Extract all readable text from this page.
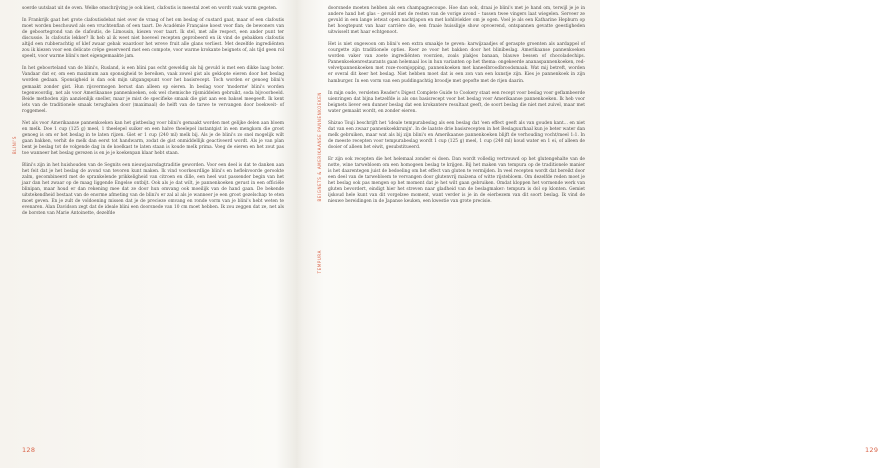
soerde uutslaat uit de oven. Welke omschrijving je ook kiest, clafoutis is meestal zoet en wordt vaak warm gegeten.

In Frankrijk gaat het grote clafoutisdebat niet over de vraag of het om beslag of custard gaat, maar of een clafoutis moet worden beschouwd als een vruchtenflan of een taart. De Académie Française koest voor flan; de bewoners van de geboortegrond van de clafoutis, de Limousin, kiezen voor taart. Ik stel, met alle respect, een ander punt ter discussie. Is clafoutis lekker? Ik heb al ik weet niet hoeveel recepten geprobeerd en ik vind de gebakken clafoutis altijd een rubberachtig of klef zwaar gebak waardoor het wreve fruit alle glans verliest. Met dezelfde ingrediënten zou ik kiezen voor een delicate crêpe geserveerd met een compote, voor warme krokante beignets of, als tijd geen rol speelt, voor warme blini's met eigengemaakte jam.

In het geboorteland van de blini's, Rusland, is een blini pas echt geweldig als hij gevuld is met een dikke laag boter. Vandaar dat er, om een maximum aan sponsigheid te bereiken, vaak zowel gist als geklopte eieren door het beslag worden gedaan. Sponsigheid is dan ook mijn uitgangspunt voor het basisrecept. Toch worden er genoeg blini's gemaakt zonder gist. Hun rijsvermogen berust dan alleen op eieren. In beslag voor 'moderne' blini's worden tegenwoordig, net als voor Amerikaanse pannenkoeken, ook wel chemische rijsmiddelen gebruikt, soda bijvoorbeeld. Beide methoden zijn aanzienlijk sneller, maar je mist de specifieke smaak die gist aan een baksel meegeeft. Ik kent iets van de traditionele smaak terughalen door (maximaal) de helft van de tarwe te vervangen door boekweit- of roggemeel.

Net als voor Amerikaanse pannenkoeken kan het gistbeslag voor blini's gemaakt worden met gelijke delen aan bloem en melk. Doe 1 cup (125 g) meel, 1 theelepel suiker en een halve theelepel instantgist in een mengkom die groot genoeg is om er het beslag in te laten rijzen. Giet er 1 cup (240 ml) melk bij. Als je de blini's zo snel mogelijk wilt gaan bakken, verhit de melk dan eerst tot handwarm, zodat de gist onmiddellijk geactiveerd wordt. Als je van plan bent je beslag tot de volgende dag in de koelkast te laten staan is koude melk prima. Voeg de eieren en het zout pas toe wanneer het beslag gerezen is en je je koekenpan klaar hebt staan.

Blini's zijn in het huishouden van de Segnits een nieuwjaarsdagtraditie geworden. Voor een deel is dat te danken aan het feit dat je het beslag de avond van tevoren kunt maken. Ik vind voorkeurdlige blini's en heflekvoorde gerookte zalm, gecombineerd met de sprankelende prikkeligheid van citroen en dille, een heel wat passender begin van het jaar dan het zwaar op de maag liggende Engelse ontbijt. Ook als je dat wilt, je pannenkoeken gerust in een officiële blinipan, maar houd er dan rekening mee dat ze door hun omvang ook moeilijk van de hand gaan. De bekende uitstekendheid bestaat van de enorme afmeting van de blini's er zal al als je wanneer je een groot gezelschap te eten moet geven. En je zult de voldoening missen dat je de precieze omvang en ronde vorm van je blini's hebt weten te evenaren. Alan Davidson zegt dat de ideale blini een doorsnede van 10 cm moet hebben. Ik zou zeggen dat ze, net als de borsten van Marie Antoinette, dezelfde

BLINI'S
128

doorsnede moeten hebben als een champagnecoupe. Hoe dan ook, draai je blini's met je hand om, terwijl je je in andere hand het glas – gevuld met de resten van de vorige avond – tussen twee vingers laat wiegelen. Serveer ze gevuld in een lange ietwat open nachtjapon en met kohlivieklev om je ogen. Voel je als een Katharine Hepburn op het hoogtepunt van haar carrière die, een fraaie huisslipje show opvoerend, ontspannen gevatte geestigheden uitwisselt met haar echtgenoot.

Het is niet ongewoon om blini's een extra smaakje te geven: karwijzaadjes of geraspte groenten als aardappel of courgette zijn traditionele opties. Roer ze voor het bakken door het blinibeslag. Amerikaanse pannenkoeken worden vaker van zoete ingrediënten voorzien, zoals plakjes banaan, blauwe bessen of chocoladechips. Pannenkoekenrestaurants gaan helemaal los in hun varianten op het thema: ongekeerde ananaspannenkoeken, red-velvetpannenkoeken met roze-roomjopping, pannenkoeken met kaneelbroodbroodsmaak. Wat mij betreft, worden er overal dit keer het beslag. Niet hebben moet dat is een zon van een kunstje zijn. Kies je pannenkoek in zijn hamburger. In een vorm van een puddingachtig broodje met gepofte met de rijen daarin.

In mijn oude, versleten Reader's Digest Complete Guide to Cookery staat een recept voor beslag voor geflambeerde uienringen dat bijna hetzelfde is als ons basisrecept voor het beslag voor Amerikaanse pannenkoeken. Ik heb voor beignets liever een dunner beslag dat een krokantere resultaat geeft, de soort beslag die niet met zuivel, maar met water gemaakt wordt, en zonder eieren.

Shizuo Tsuji beschrijft het 'ideale tempurabeslag als een beslag dat 'een effect geeft als van gouden kant... en niet dat van een zwaar pannenkoekkrunjn'. In de laatste drie basisrecepten in het Beslaguurhaal kun je beter water dan melk gebruiken, maar wat als bij zijn blini's en Amerikaanse pannenkoeken blijft de verhouding vocht/meel 1:1. In de meeste recepten voor tempurabeslag wordt 1 cup (125 g) meel, 1 cup (240 ml) koud water en 1 ei, of alleen de dooier of alleen het eiwit, gesubstitueerd.

Er zijn ook recepten die het helemaal zonder ei doen. Dan wordt volledig vertrouwd op het glutengehalte van de notte, wine tarwebloem om een homogeen beslag te krijgen. Bij het maken van tempura op de traditionele manier is het daarentegen juist de bedoeling om het effect van gluten te vermijden. In veel recepten wordt dat bereikt door een deel van de tarwebloem te vervangen door glutenvrij maïzena of witte rijstebloem. Om dezelfde reden moet je het beslag ook pas mengen op het moment dat je het wilt gaan gebruiken. Omdat kloppen het vormende werk van gluten bevordert, eindigt hier het streven naar gladheid van de beslagmaker: tempura is dol op klonten. Gemiet ijskoud hele kunt van dit vorgelzee moment, want verder is je in de eierbezem van dit soort beslag. Ik vind de nieuwe bereidingen in de Japanse keuken, een kwestie van grote precisie.

BEIGNETS & AMERIKAANSE PANNENKOEKEN
TEMPURA
129
